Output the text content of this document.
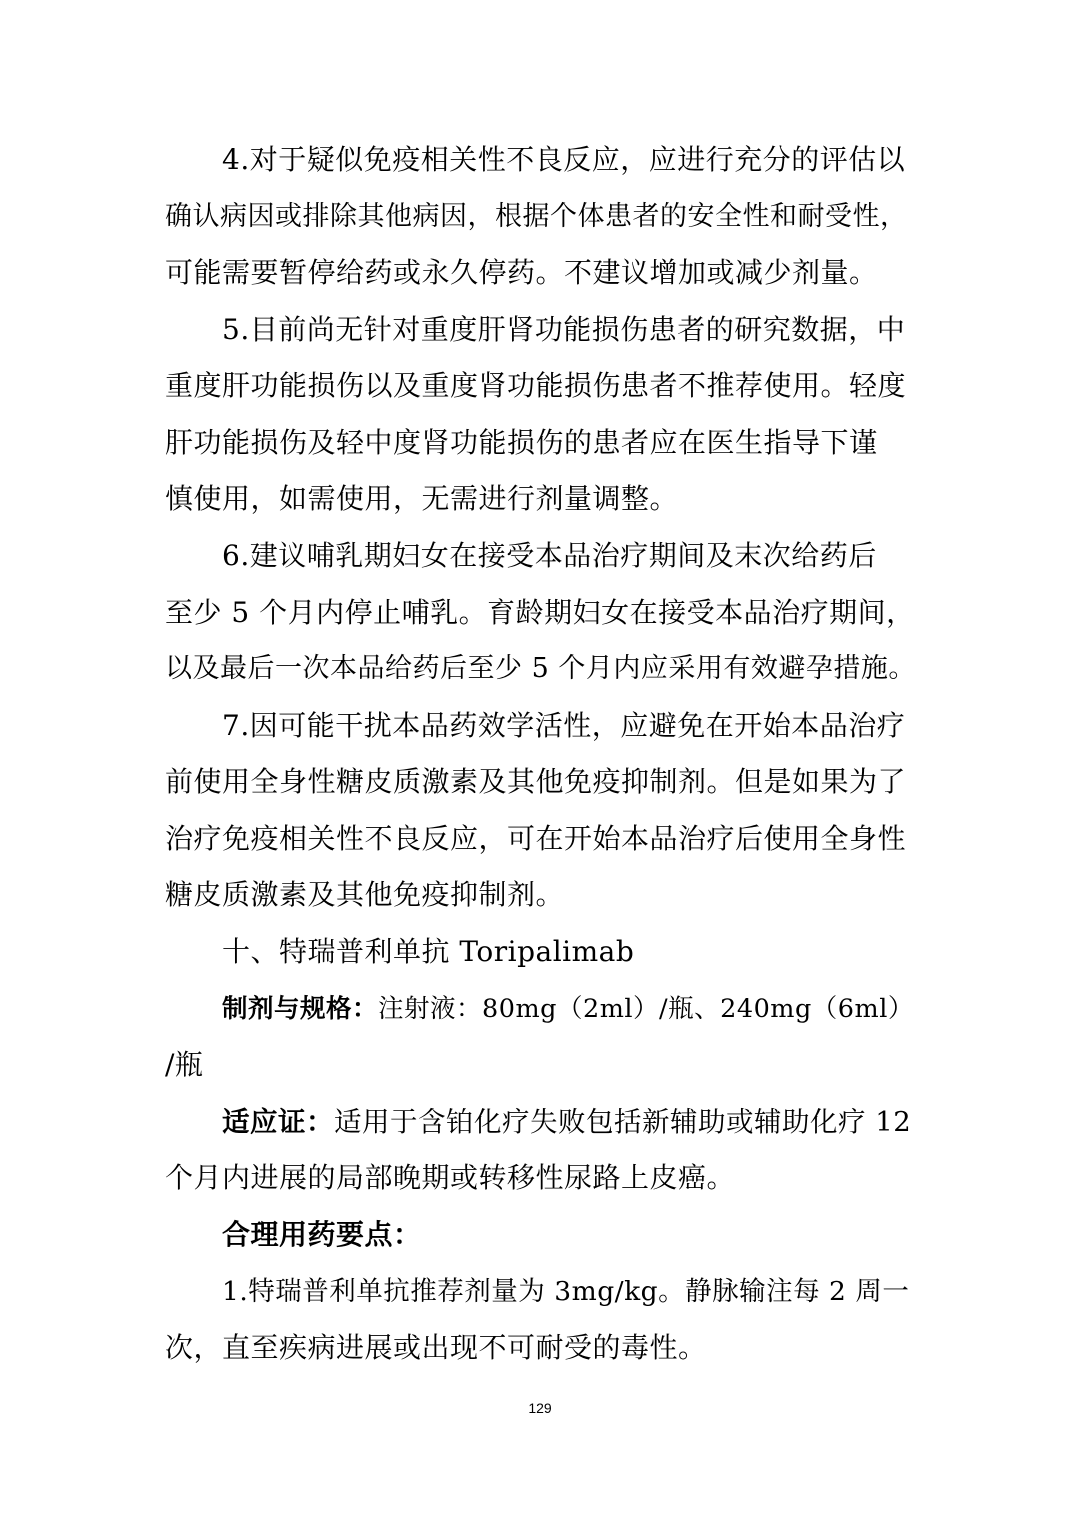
4.对于疑似免疫相关性不良反应，应进行充分的评估以
确认病因或排除其他病因，根据个体患者的安全性和耐受性，
可能需要暂停给药或永久停药。不建议增加或减少剂量。
5.目前尚无针对重度肝肾功能损伤患者的研究数据，中
重度肝功能损伤以及重度肾功能损伤患者不推荐使用。轻度
肝功能损伤及轻中度肾功能损伤的患者应在医生指导下谨
慎使用，如需使用，无需进行剂量调整。
6.建议哺乳期妇女在接受本品治疗期间及末次给药后
至少 5 个月内停止哺乳。育龄期妇女在接受本品治疗期间，
以及最后一次本品给药后至少 5 个月内应采用有效避孕措施。
7.因可能干扰本品药效学活性，应避免在开始本品治疗
前使用全身性糖皮质激素及其他免疫抑制剂。但是如果为了
治疗免疫相关性不良反应，可在开始本品治疗后使用全身性
糖皮质激素及其他免疫抑制剂。
十、特瑞普利单抗 Toripalimab
制剂与规格：注射液：80mg（2ml）/瓶、240mg（6ml）
/瓶
适应证：适用于含铂化疗失败包括新辅助或辅助化疗 12
个月内进展的局部晚期或转移性尿路上皮癌。
合理用药要点：
1.特瑞普利单抗推荐剂量为 3mg/kg。静脉输注每 2 周一
次，直至疾病进展或出现不可耐受的毒性。
129
